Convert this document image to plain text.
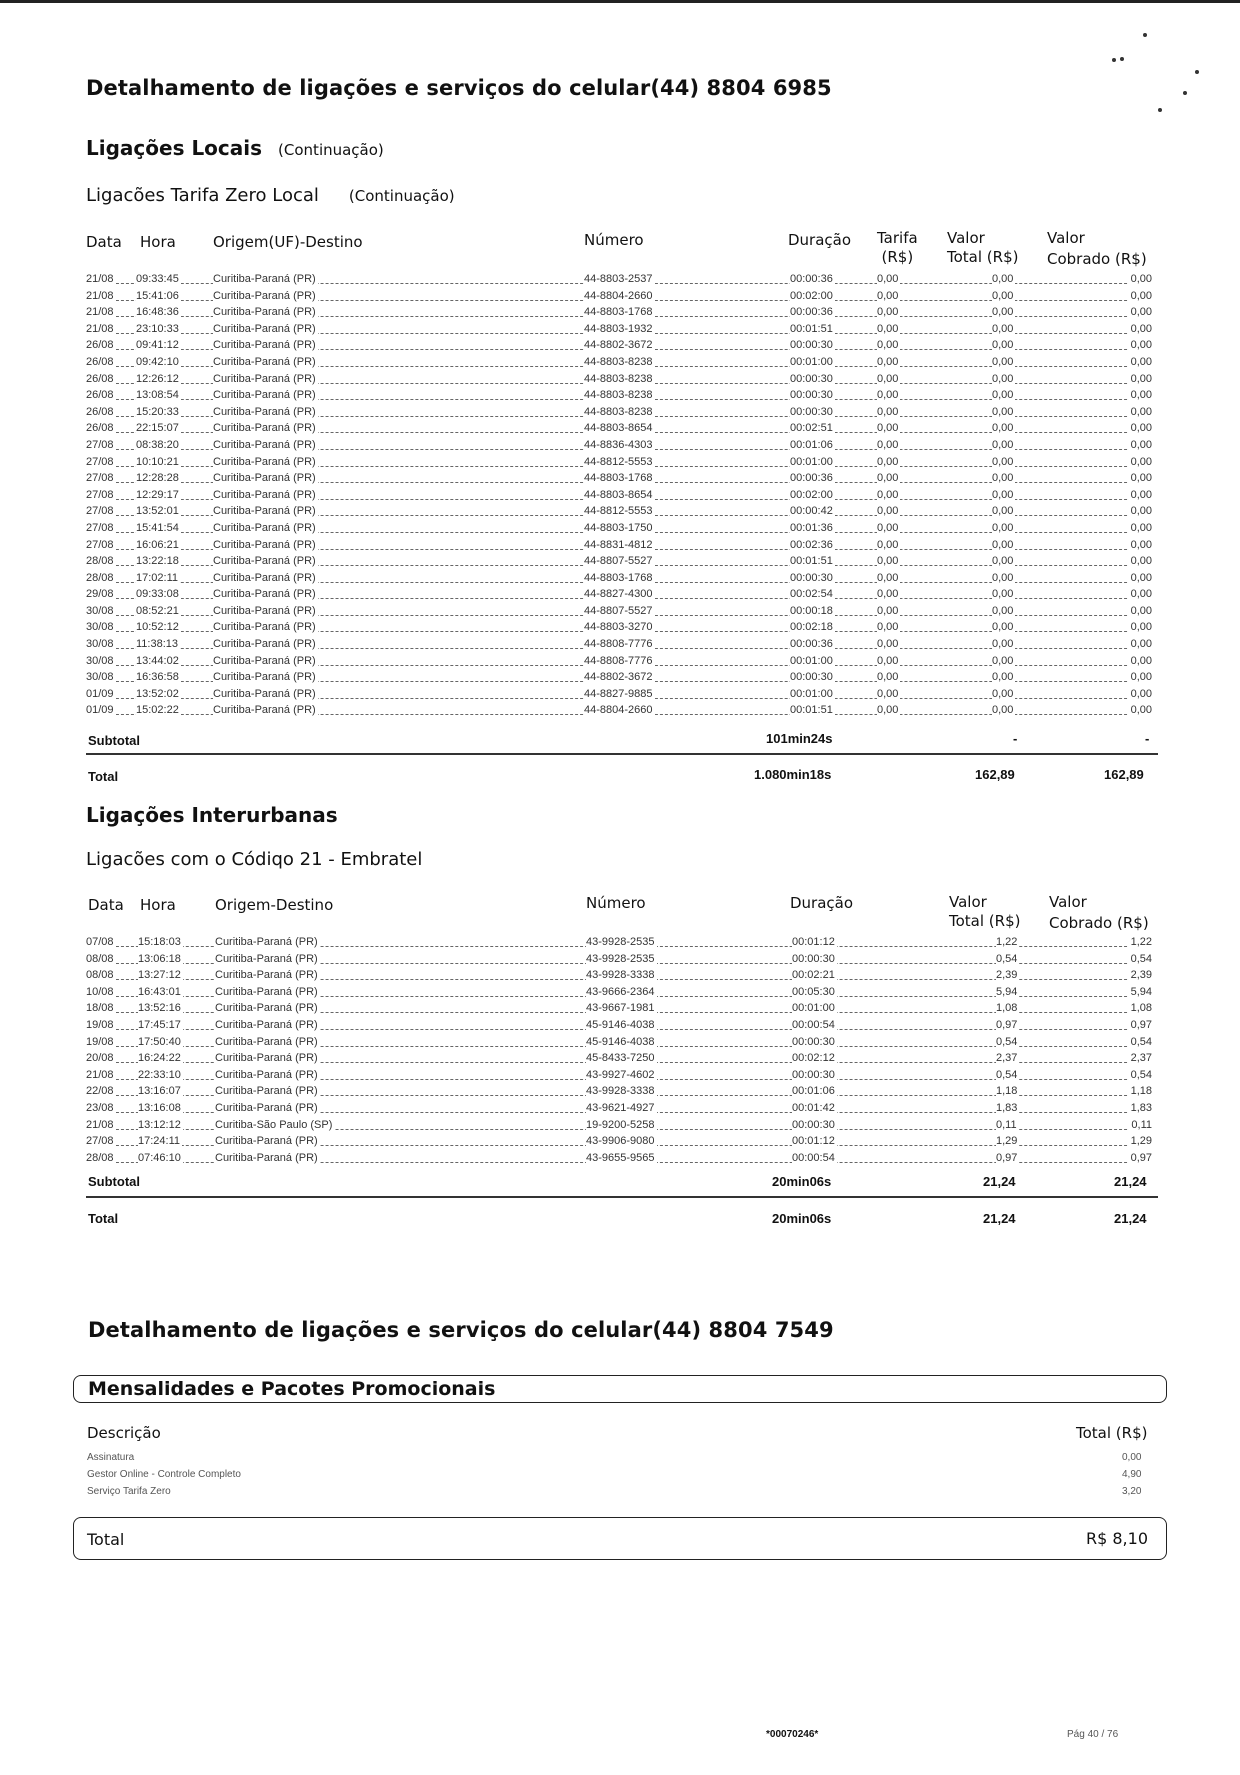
Detalhamento de ligações e serviços do celular(44) 8804 6985
Ligações Locais (Continuação)
Ligacões Tarifa Zero Local (Continuação)
Data Hora Origem(UF)-Destino	Número	Duração Tarifa
(R$)
Valor
Total (R$)
Valor
Cobrado (R$)
21/08 09:33:45	Curitiba-Paraná (PR)	44-8803-2537	00:00:36	0,00	0,00	0,00
21/08 15:41:06	Curitiba-Paraná (PR)	44-8804-2660	00:02:00	0,00	0,00	0,00
21/08 16:48:36	Curitiba-Paraná (PR)	44-8803-1768	00:00:36	0,00	0,00	0,00
21/08 23:10:33	Curitiba-Paraná (PR)	44-8803-1932	00:01:51	0,00	0,00	0,00
26/08 09:41:12	Curitiba-Paraná (PR)	44-8802-3672	00:00:30	0,00	0,00	0,00
26/08 09:42:10	Curitiba-Paraná (PR)	44-8803-8238	00:01:00	0,00	0,00	0,00
26/08 12:26:12	Curitiba-Paraná (PR)	44-8803-8238	00:00:30	0,00	0,00	0,00
26/08 13:08:54	Curitiba-Paraná (PR)	44-8803-8238	00:00:30	0,00	0,00	0,00
26/08 15:20:33	Curitiba-Paraná (PR)	44-8803-8238	00:00:30	0,00	0,00	0,00
26/08 22:15:07	Curitiba-Paraná (PR)	44-8803-8654	00:02:51	0,00	0,00	0,00
27/08 08:38:20	Curitiba-Paraná (PR)	44-8836-4303	00:01:06	0,00	0,00	0,00
27/08 10:10:21	Curitiba-Paraná (PR)	44-8812-5553	00:01:00	0,00	0,00	0,00
27/08 12:28:28	Curitiba-Paraná (PR)	44-8803-1768	00:00:36	0,00	0,00	0,00
27/08 12:29:17	Curitiba-Paraná (PR)	44-8803-8654	00:02:00	0,00	0,00	0,00
27/08 13:52:01	Curitiba-Paraná (PR)	44-8812-5553	00:00:42	0,00	0,00	0,00
27/08 15:41:54	Curitiba-Paraná (PR)	44-8803-1750	00:01:36	0,00	0,00	0,00
27/08 16:06:21	Curitiba-Paraná (PR)	44-8831-4812	00:02:36	0,00	0,00	0,00
28/08 13:22:18	Curitiba-Paraná (PR)	44-8807-5527	00:01:51	0,00	0,00	0,00
28/08 17:02:11	Curitiba-Paraná (PR)	44-8803-1768	00:00:30	0,00	0,00	0,00
29/08 09:33:08	Curitiba-Paraná (PR)	44-8827-4300	00:02:54	0,00	0,00	0,00
30/08 08:52:21	Curitiba-Paraná (PR)	44-8807-5527	00:00:18	0,00	0,00	0,00
30/08 10:52:12	Curitiba-Paraná (PR)	44-8803-3270	00:02:18	0,00	0,00	0,00
30/08 11:38:13	Curitiba-Paraná (PR)	44-8808-7776	00:00:36	0,00	0,00	0,00
30/08 13:44:02	Curitiba-Paraná (PR)	44-8808-7776	00:01:00	0,00	0,00	0,00
30/08 16:36:58	Curitiba-Paraná (PR)	44-8802-3672	00:00:30	0,00	0,00	0,00
01/09 13:52:02	Curitiba-Paraná (PR)	44-8827-9885	00:01:00	0,00	0,00	0,00
01/09 15:02:22	Curitiba-Paraná (PR)	44-8804-2660	00:01:51	0,00	0,00	0,00
Subtotal	101min24s	-	-
Total	1.080min18s	162,89	162,89
Ligações Interurbanas
Ligacões com o Códiqo 21 - Embratel
Data Hora	Origem-Destino	Número	Duração	Valor
Total (R$)
Valor
Cobrado (R$)
07/08 15:18:03	Curitiba-Paraná (PR)	43-9928-2535	00:01:12	1,22	1,22
08/08 13:06:18	Curitiba-Paraná (PR)	43-9928-2535	00:00:30	0,54	0,54
08/08 13:27:12	Curitiba-Paraná (PR)	43-9928-3338	00:02:21	2,39	2,39
10/08 16:43:01	Curitiba-Paraná (PR)	43-9666-2364	00:05:30	5,94	5,94
18/08 13:52:16	Curitiba-Paraná (PR)	43-9667-1981	00:01:00	1,08	1,08
19/08 17:45:17	Curitiba-Paraná (PR)	45-9146-4038	00:00:54	0,97	0,97
19/08 17:50:40	Curitiba-Paraná (PR)	45-9146-4038	00:00:30	0,54	0,54
20/08 16:24:22	Curitiba-Paraná (PR)	45-8433-7250	00:02:12	2,37	2,37
21/08 22:33:10	Curitiba-Paraná (PR)	43-9927-4602	00:00:30	0,54	0,54
22/08 13:16:07	Curitiba-Paraná (PR)	43-9928-3338	00:01:06	1,18	1,18
23/08 13:16:08	Curitiba-Paraná (PR)	43-9621-4927	00:01:42	1,83	1,83
21/08 13:12:12	Curitiba-São Paulo (SP)	19-9200-5258	00:00:30	0,11	0,11
27/08 17:24:11	Curitiba-Paraná (PR)	43-9906-9080	00:01:12	1,29	1,29
28/08 07:46:10	Curitiba-Paraná (PR)	43-9655-9565	00:00:54	0,97	0,97
Subtotal	20min06s	21,24	21,24
Total	20min06s	21,24	21,24
Detalhamento de ligações e serviços do celular(44) 8804 7549
Mensalidades e Pacotes Promocionais
Descrição	Total (R$)
Assinatura	0,00
Gestor Online - Controle Completo	4,90
Serviço Tarifa Zero	3,20
Total	R$ 8,10
*00070246*	Pág 40 / 76
